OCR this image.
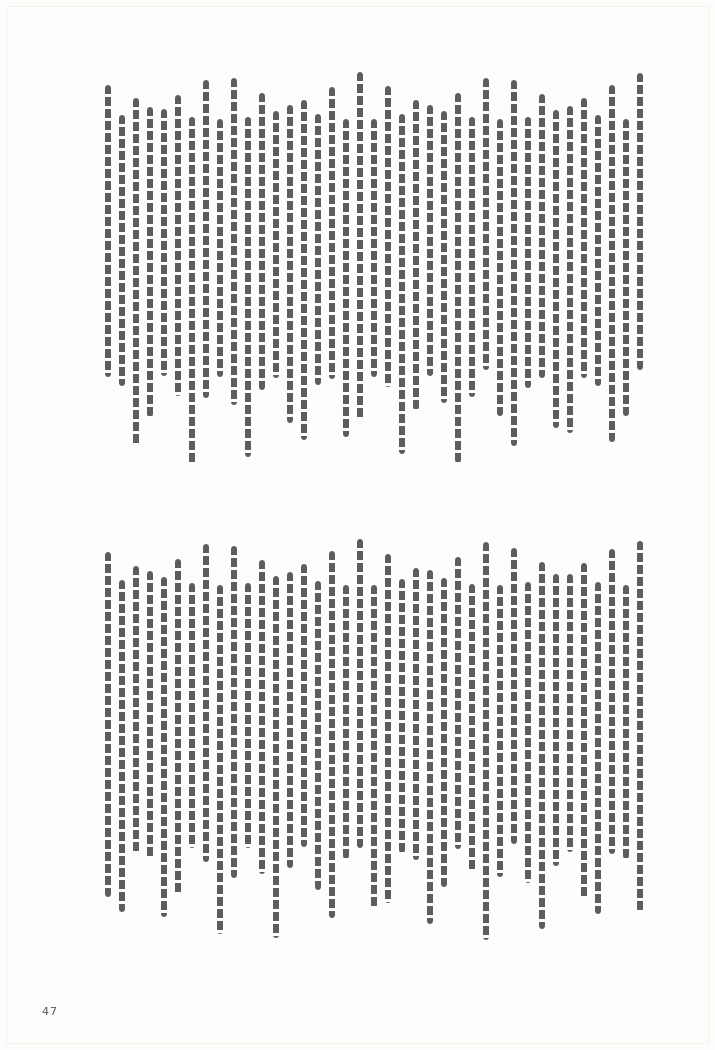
47
